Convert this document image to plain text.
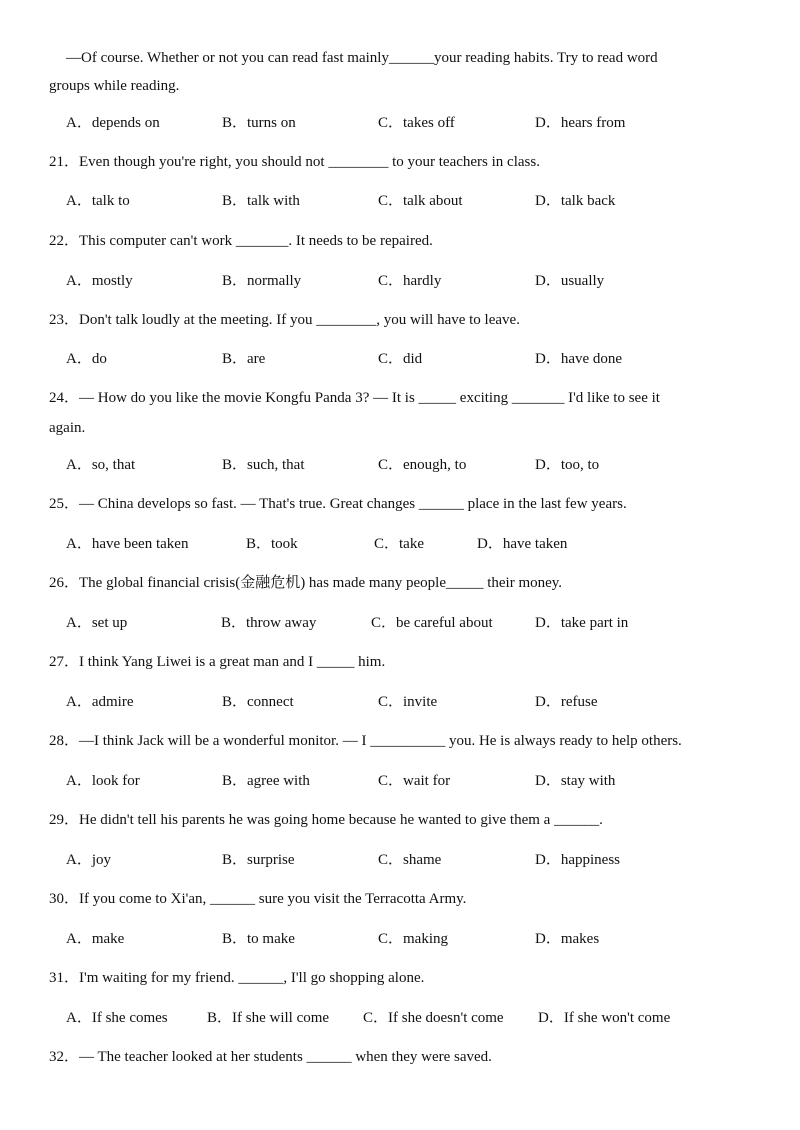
—Of course. Whether or not you can read fast mainly______your reading habits. Try to read word
groups while reading.
A．depends on	B．turns on	C．takes off	D．hears from
21．Even though you're right, you should not ________ to your teachers in class.
A．talk to	B．talk with	C．talk about	D．talk back
22．This computer can't work _______. It needs to be repaired.
A．mostly	B．normally	C．hardly	D．usually
23．Don't talk loudly at the meeting. If you ________, you will have to leave.
A．do	B．are	C．did	D．have done
24．— How do you like the movie Kongfu Panda 3? — It is _____ exciting _______ I'd like to see it
again.
A．so, that	B．such, that	C．enough, to	D．too, to
25．— China develops so fast. — That's true. Great changes ______ place in the last few years.
A．have been taken	B．took	C．take	D．have taken
26．The global financial crisis(金融危机) has made many people_____ their money.
A．set up	B．throw away	C．be careful about	D．take part in
27．I think Yang Liwei is a great man and I _____ him.
A．admire	B．connect	C．invite	D．refuse
28．—I think Jack will be a wonderful monitor. — I __________ you. He is always ready to help others.
A．look for	B．agree with	C．wait for	D．stay with
29．He didn't tell his parents he was going home because he wanted to give them a ______.
A．joy	B．surprise	C．shame	D．happiness
30．If you come to Xi'an, ______ sure you visit the Terracotta Army.
A．make	B．to make	C．making	D．makes
31．I'm waiting for my friend. ______, I'll go shopping alone.
A．If she comes	B．If she will come C．If she doesn't come D．If she won't come
32．— The teacher looked at her students ______ when they were saved.
